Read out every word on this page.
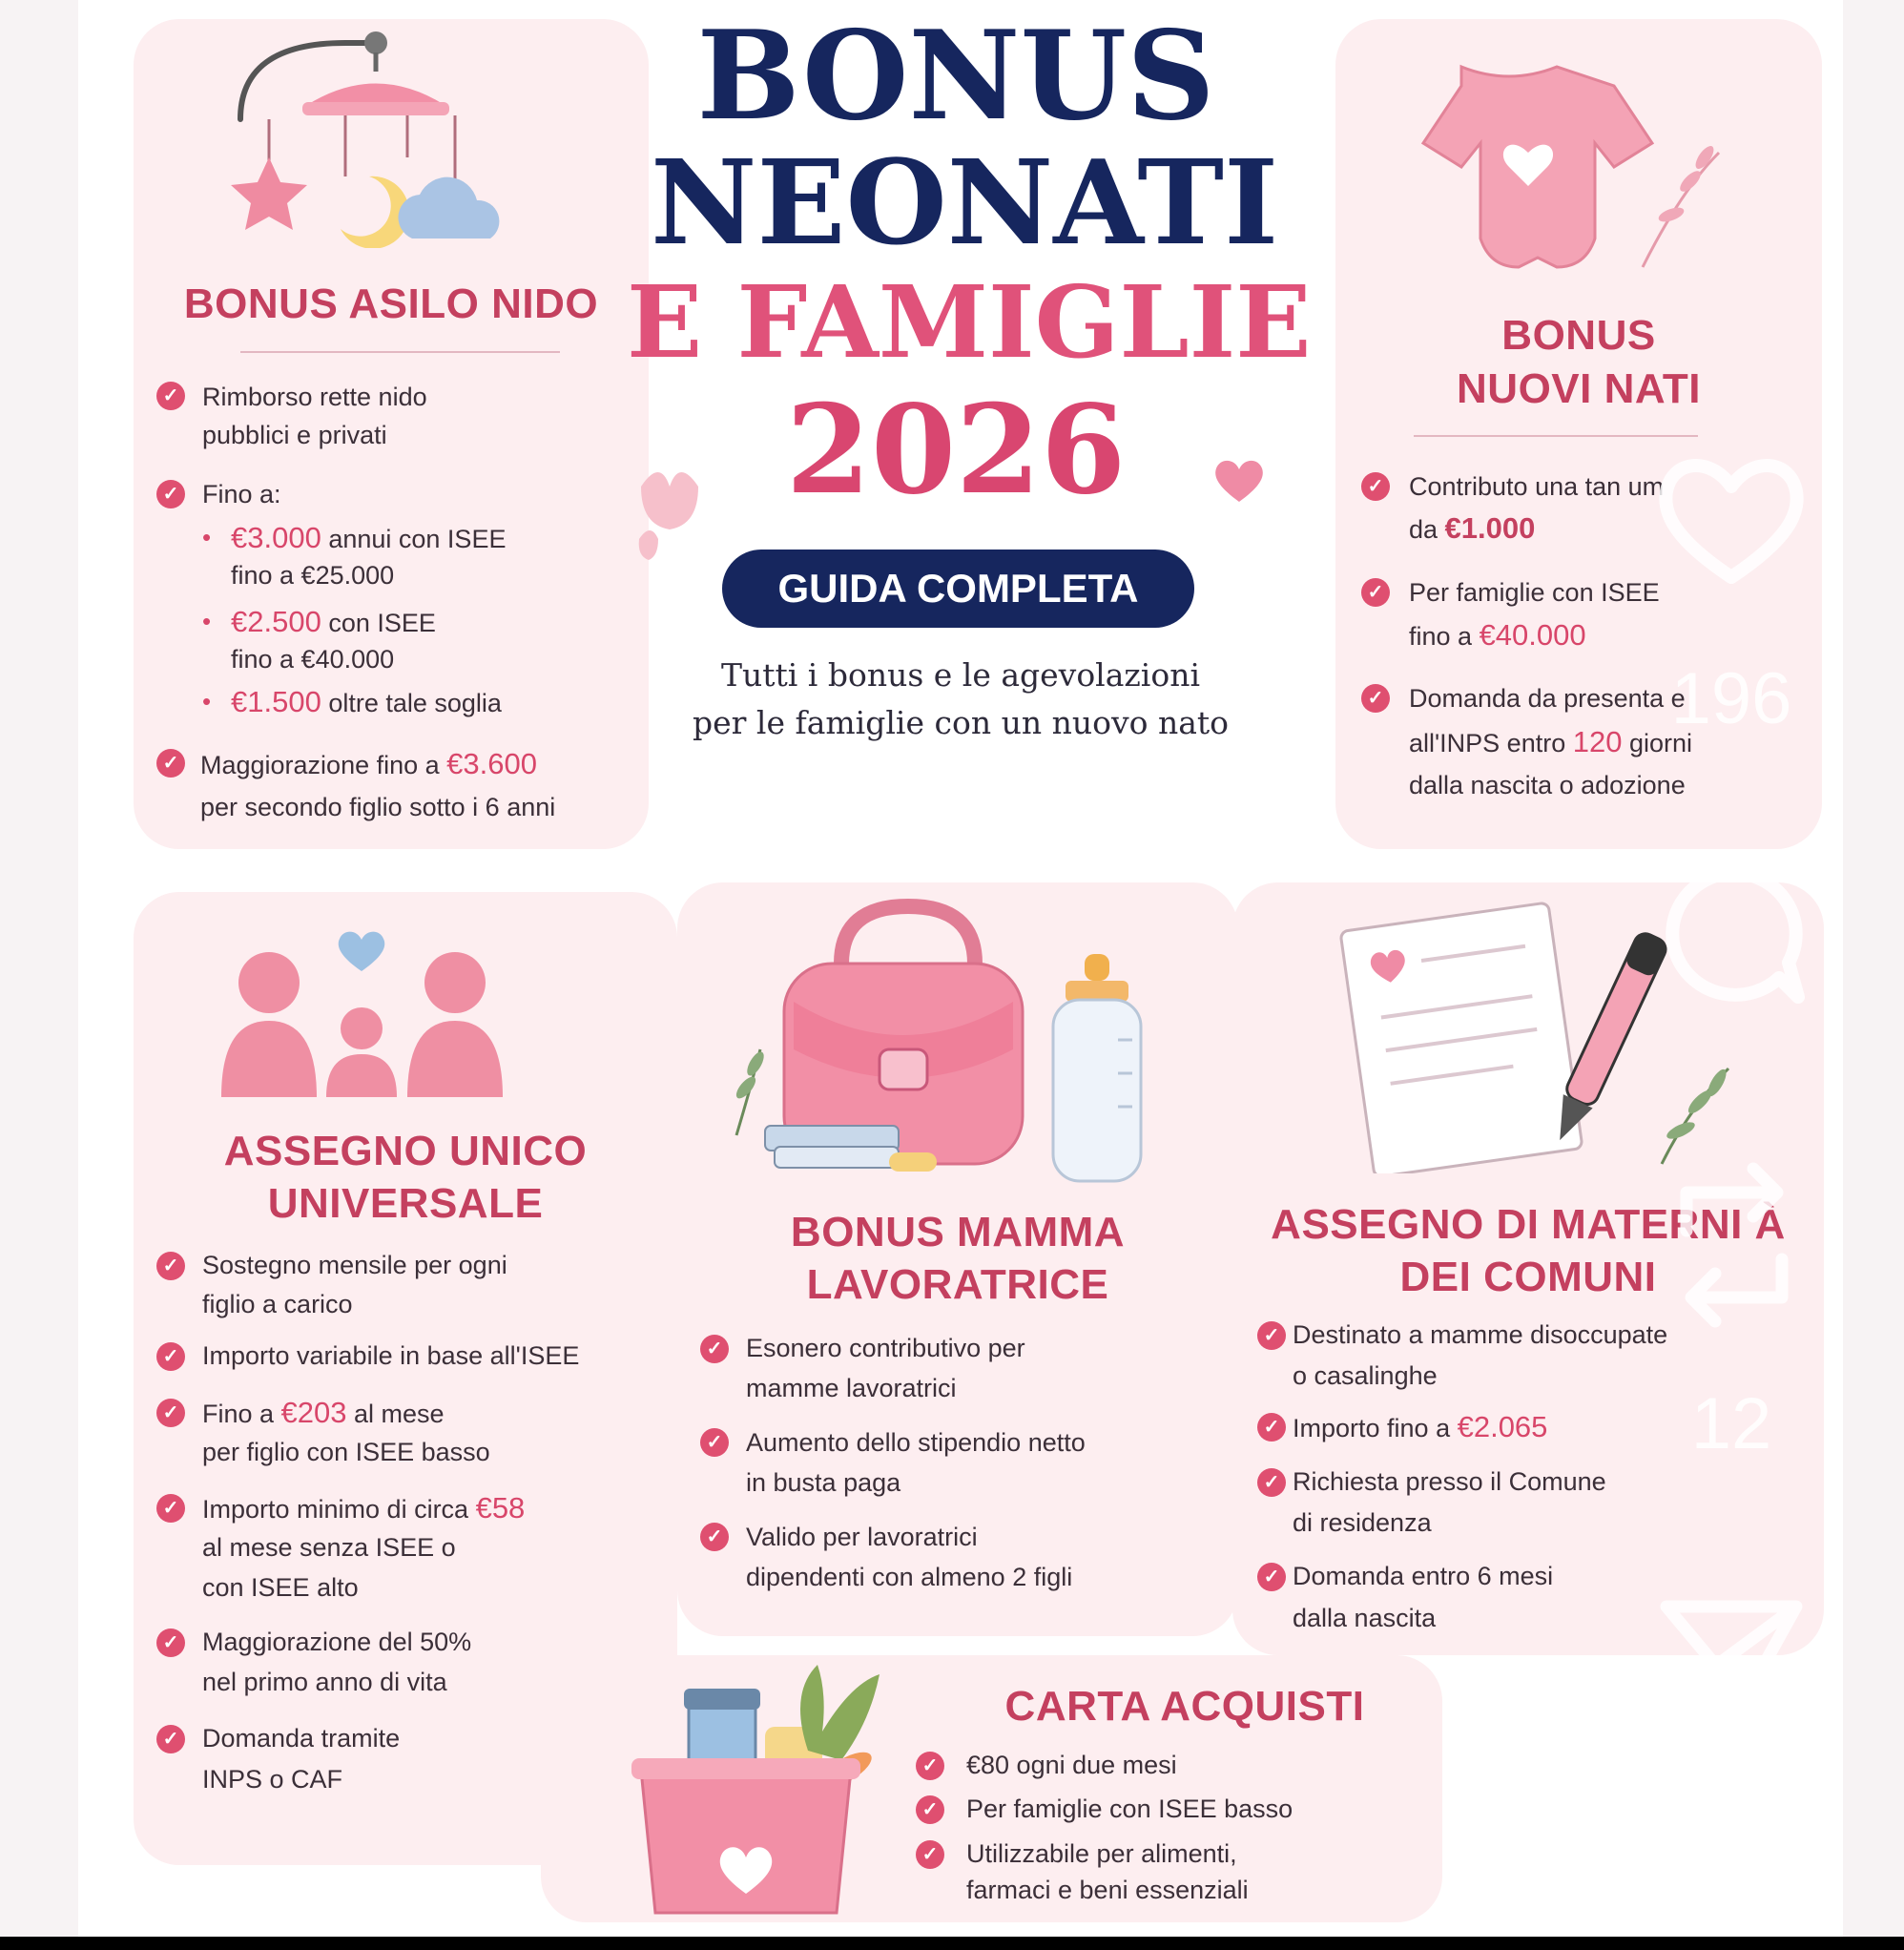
BONUS ASILO NIDO
✓ Rimborso rette nido
pubblici e privati
✓ Fino a:
• €3.000 annui con ISEE
fino a €25.000
• €2.500 con ISEE
fino a €40.000
• €1.500 oltre tale soglia
✓ Maggiorazione fino a €3.600
per secondo figlio sotto i 6 anni
BONUS
NEONATI
E FAMIGLIE
2026
GUIDA COMPLETA
Tutti i bonus e le agevolazioni
per le famiglie con un nuovo nato
BONUS
NUOVI NATI
✓ Contributo una tan um
da €1.000
✓ Per famiglie con ISEE
fino a €40.000
✓ Domanda da presenta e
all'INPS entro 120 giorni
dalla nascita o adozione
ASSEGNO UNICO
UNIVERSALE
✓ Sostegno mensile per ogni
figlio a carico
✓ Importo variabile in base all'ISEE
✓ Fino a €203 al mese
per figlio con ISEE basso
✓ Importo minimo di circa €58
al mese senza ISEE o
con ISEE alto
✓ Maggiorazione del 50%
nel primo anno di vita
✓ Domanda tramite
INPS o CAF
BONUS MAMMA
LAVORATRICE
✓ Esonero contributivo per
mamme lavoratrici
✓ Aumento dello stipendio netto
in busta paga
✓ Valido per lavoratrici
dipendenti con almeno 2 figli
ASSEGNO DI MATERNI À
DEI COMUNI
✓ Destinato a mamme disoccupate
o casalinghe
✓ Importo fino a €2.065
✓ Richiesta presso il Comune
di residenza
✓ Domanda entro 6 mesi
dalla nascita
CARTA ACQUISTI
✓ €80 ogni due mesi
✓ Per famiglie con ISEE basso
✓ Utilizzabile per alimenti,
farmaci e beni essenziali
196
12
849
